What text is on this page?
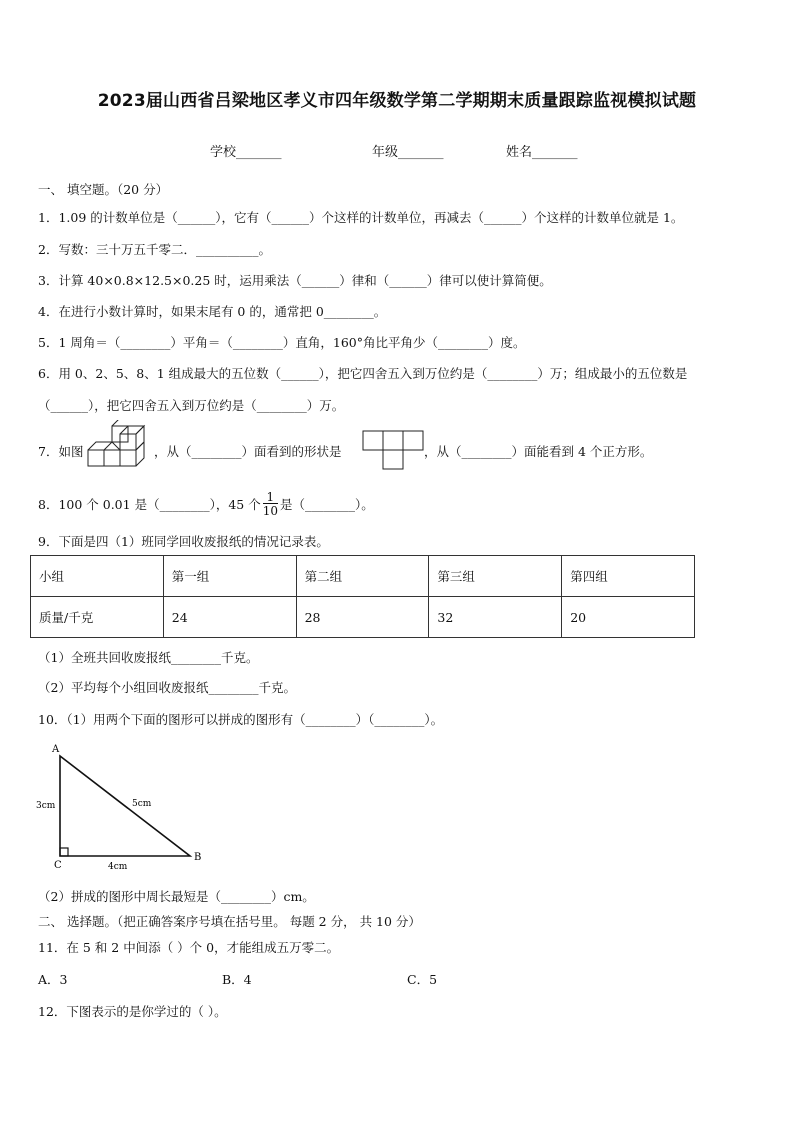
2023届山西省吕梁地区孝义市四年级数学第二学期期末质量跟踪监视模拟试题
学校_______	年级_______	姓名_______
一、 填空题。（20 分）
1．1.09 的计数单位是（______），它有（______）个这样的计数单位，再减去（______）个这样的计数单位就是 1。
2．写数：三十万五千零二．__________。
3．计算 40×0.8×12.5×0.25 时，运用乘法（______）律和（______）律可以使计算简便。
4．在进行小数计算时，如果末尾有 0 的，通常把 0________。
5．1 周角＝（________）平角＝（________）直角，160°角比平角少（________）度。
6．用 0、2、5、8、1 组成最大的五位数（______），把它四舍五入到万位约是（________）万；组成最小的五位数是
（______），把它四舍五入到万位约是（________）万。
7．如图	，从（________）面看到的形状是	，从（________）面能看到 4 个正方形。
8．100 个 0.01 是（________），45 个 $\frac{1}{10}$ 是（________）。
9．下面是四（1）班同学回收废报纸的情况记录表。
小组	第一组	第二组	第三组	第四组
质量/千克	24	28	32	20
（1）全班共回收废报纸________千克。
（2）平均每个小组回收废报纸________千克。
10．（1）用两个下面的图形可以拼成的图形有（________）（________）。
A
B
C
3cm	5cm
4cm
（2）拼成的图形中周长最短是（________）cm。
二、 选择题。（把正确答案序号填在括号里。 每题 2 分， 共 10 分）
11．在 5 和 2 中间添（ ）个 0，才能组成五万零二。
A．3	B．4	C．5
12．下图表示的是你学过的（ ）。
